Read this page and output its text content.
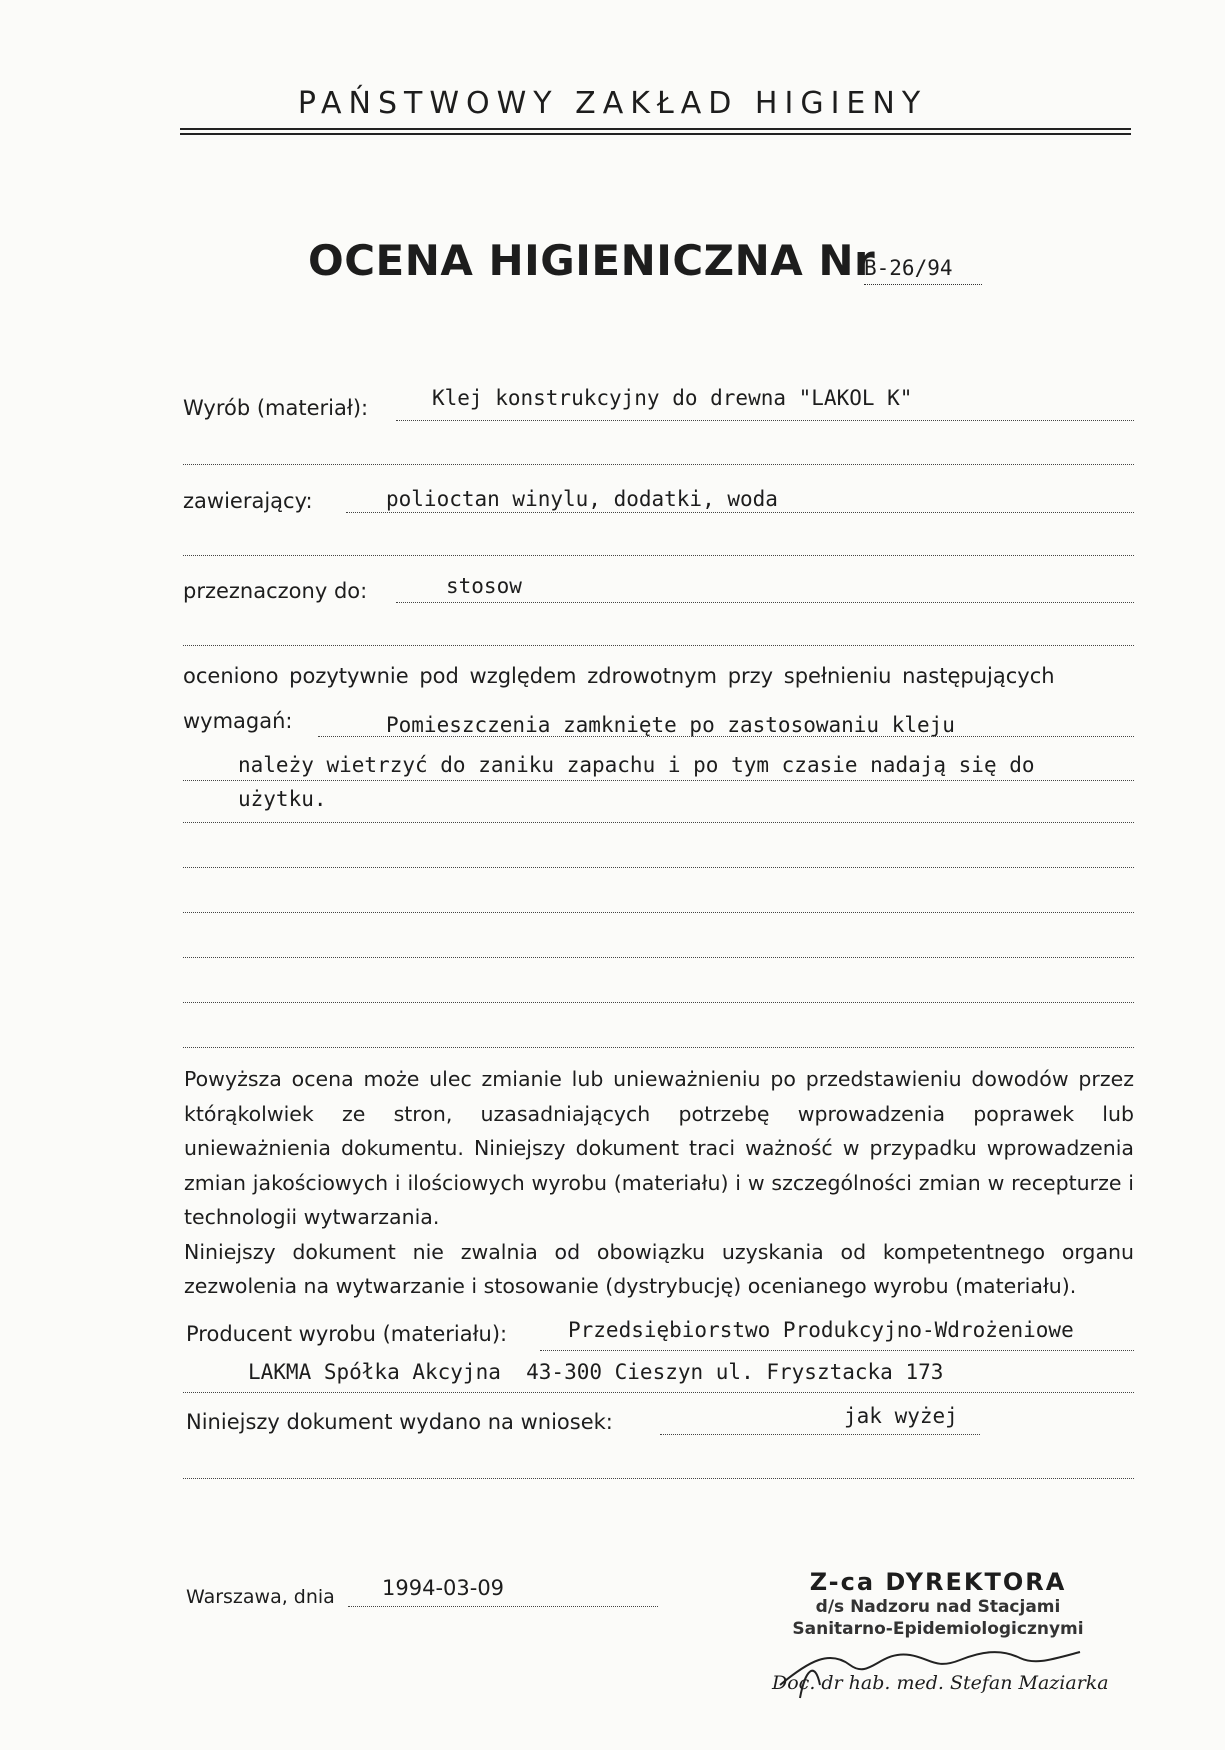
PAŃSTWOWY ZAKŁAD HIGIENY
OCENA HIGIENICZNA Nr
B-26/94
Wyrób (materiał):	Klej konstrukcyjny do drewna "LAKOL K"
zawierający:	polioctan winylu, dodatki, woda
przeznaczony do:	stosow
oceniono pozytywnie pod względem zdrowotnym przy spełnieniu następujących
wymagań:	Pomieszczenia zamknięte po zastosowaniu kleju
należy wietrzyć do zaniku zapachu i po tym czasie nadają się do
użytku.
Powyższa ocena może ulec zmianie lub unieważnieniu po przedstawieniu dowodów przez którąkolwiek ze stron, uzasadniających potrzebę wprowadzenia poprawek lub unieważnienia dokumentu. Niniejszy dokument traci ważność w przypadku wprowadzenia zmian jakościowych i ilościowych wyrobu (materiału) i w szczególności zmian w recepturze i technologii wytwarzania.
Niniejszy dokument nie zwalnia od obowiązku uzyskania od kompetentnego organu zezwolenia na wytwarzanie i stosowanie (dystrybucję) ocenianego wyrobu (materiału).
Producent wyrobu (materiału):	Przedsiębiorstwo Produkcyjno-Wdrożeniowe
LAKMA Spółka Akcyjna  43-300 Cieszyn ul. Frysztacka 173
Niniejszy dokument wydano na wniosek:	jak wyżej
Warszawa, dnia 1994-03-09	Z-ca DYREKTORA
d/s Nadzoru nad Stacjami
Sanitarno-Epidemiologicznymi
Doc. dr hab. med. Stefan Maziarka
